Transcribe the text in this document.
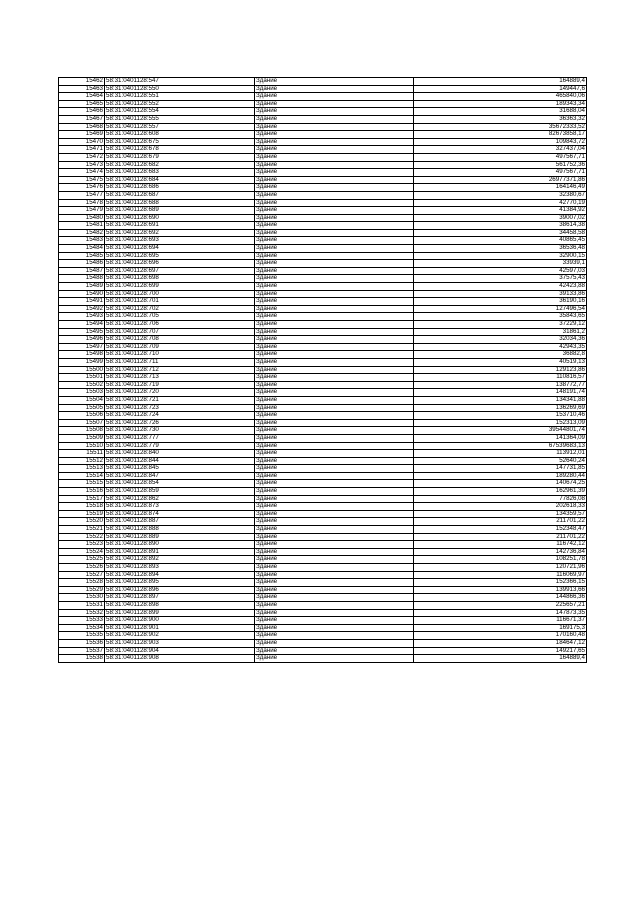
15462	58:31:0401128:547	Здание	164889,4
15463	58:31:0401128:550	Здание	149447,6
15464	58:31:0401128:551	Здание	465840,06
15465	58:31:0401128:552	Здание	189343,34
15466	58:31:0401128:554	Здание	31688,04
15467	58:31:0401128:555	Здание	36363,32
15468	58:31:0401128:557	Здание	35672333,52
15469	58:31:0401128:608	Здание	82673858,17
15470	58:31:0401128:675	Здание	109843,72
15471	58:31:0401128:678	Здание	327437,04
15472	58:31:0401128:679	Здание	497567,71
15473	58:31:0401128:682	Здание	561752,36
15474	58:31:0401128:683	Здание	497567,71
15475	58:31:0401128:684	Здание	26977371,86
15476	58:31:0401128:686	Здание	164146,49
15477	58:31:0401128:687	Здание	32380,67
15478	58:31:0401128:688	Здание	42770,19
15479	58:31:0401128:689	Здание	41384,92
15480	58:31:0401128:690	Здание	39007,02
15481	58:31:0401128:691	Здание	38614,38
15482	58:31:0401128:692	Здание	34458,58
15483	58:31:0401128:693	Здание	40865,45
15484	58:31:0401128:694	Здание	36536,48
15485	58:31:0401128:695	Здание	32900,15
15486	58:31:0401128:696	Здание	33939,1
15487	58:31:0401128:697	Здание	42597,03
15488	58:31:0401128:698	Здание	37575,43
15489	58:31:0401128:699	Здание	42423,88
15490	58:31:0401128:700	Здание	39133,86
15491	58:31:0401128:701	Здание	36190,16
15492	58:31:0401128:702	Здание	127496,54
15493	58:31:0401128:705	Здание	35843,65
15494	58:31:0401128:706	Здание	37229,12
15495	58:31:0401128:707	Здание	31861,2
15496	58:31:0401128:708	Здание	32034,36
15497	58:31:0401128:709	Здание	42943,35
15498	58:31:0401128:710	Здание	36882,8
15499	58:31:0401128:711	Здание	40519,13
15500	58:31:0401128:712	Здание	129123,86
15501	58:31:0401128:713	Здание	110816,57
15502	58:31:0401128:719	Здание	138772,77
15503	58:31:0401128:720	Здание	148191,74
15504	58:31:0401128:721	Здание	134341,88
15505	58:31:0401128:723	Здание	136269,69
15506	58:31:0401128:724	Здание	153710,46
15507	58:31:0401128:726	Здание	152313,09
15508	58:31:0401128:730	Здание	39544801,74
15509	58:31:0401128:777	Здание	141364,09
15510	58:31:0401128:779	Здание	67539683,13
15511	58:31:0401128:840	Здание	113912,01
15512	58:31:0401128:844	Здание	52640,24
15513	58:31:0401128:845	Здание	147731,85
15514	58:31:0401128:847	Здание	189280,44
15515	58:31:0401128:854	Здание	140674,25
15516	58:31:0401128:859	Здание	162961,39
15517	58:31:0401128:862	Здание	77826,08
15518	58:31:0401128:873	Здание	202618,33
15519	58:31:0401128:874	Здание	134359,57
15520	58:31:0401128:887	Здание	211701,22
15521	58:31:0401128:888	Здание	152348,47
15522	58:31:0401128:889	Здание	211701,22
15523	58:31:0401128:890	Здание	116742,12
15524	58:31:0401128:891	Здание	142736,84
15525	58:31:0401128:892	Здание	108251,78
15526	58:31:0401128:893	Здание	120721,96
15527	58:31:0401128:894	Здание	116069,97
15528	58:31:0401128:895	Здание	152366,15
15529	58:31:0401128:896	Здание	139913,66
15530	58:31:0401128:897	Здание	144866,36
15531	58:31:0401128:898	Здание	225657,21
15532	58:31:0401128:899	Здание	147873,35
15533	58:31:0401128:900	Здание	116671,37
15534	58:31:0401128:901	Здание	169175,3
15535	58:31:0401128:902	Здание	170160,48
15536	58:31:0401128:903	Здание	184647,12
15537	58:31:0401128:904	Здание	149217,65
15538	58:31:0401128:908	Здание	164889,4
